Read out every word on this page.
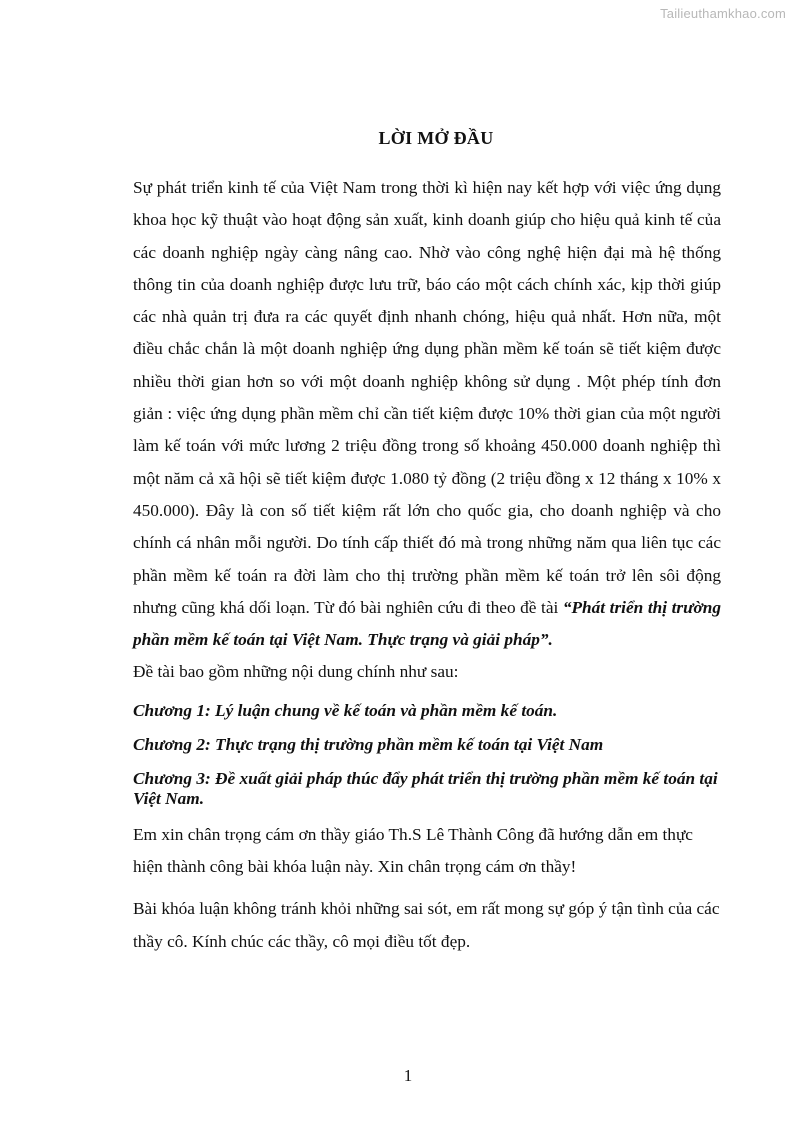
Tailieuthamkhao.com
LỜI MỞ ĐẦU

Sự phát triển kinh tế của Việt Nam trong thời kì hiện nay kết hợp với việc ứng dụng khoa học kỹ thuật vào hoạt động sản xuất, kinh doanh giúp cho hiệu quả kinh tế của các doanh nghiệp ngày càng nâng cao. Nhờ vào công nghệ hiện đại mà hệ thống thông tin của doanh nghiệp được lưu trữ, báo cáo một cách chính xác, kịp thời giúp các nhà quản trị đưa ra các quyết định nhanh chóng, hiệu quả nhất. Hơn nữa, một điều chắc chắn là một doanh nghiệp ứng dụng phần mềm kế toán sẽ tiết kiệm được nhiều thời gian hơn so với một doanh nghiệp không sử dụng . Một phép tính đơn giản : việc ứng dụng phần mềm chỉ cần tiết kiệm được 10% thời gian của một người làm kế toán với mức lương 2 triệu đồng trong số khoảng 450.000 doanh nghiệp thì một năm cả xã hội sẽ tiết kiệm được 1.080 tỷ đồng (2 triệu đồng x 12 tháng x 10% x 450.000). Đây là con số tiết kiệm rất lớn cho quốc gia, cho doanh nghiệp và cho chính cá nhân mỗi người. Do tính cấp thiết đó mà trong những năm qua liên tục các phần mềm kế toán ra đời làm cho thị trường phần mềm kế toán trở lên sôi động nhưng cũng khá dối loạn. Từ đó bài nghiên cứu đi theo đề tài “Phát triển thị trường phần mềm kế toán tại Việt Nam. Thực trạng và giải pháp”.
Đề tài bao gồm những nội dung chính như sau:

Chương 1: Lý luận chung về kế toán và phần mềm kế toán.
Chương 2: Thực trạng thị trường phần mềm kế toán tại Việt Nam
Chương 3: Đề xuất giải pháp thúc đẩy phát triển thị trường phần mềm kế toán tại Việt Nam.

Em xin chân trọng cám ơn thầy giáo Th.S Lê Thành Công đã hướng dẫn em thực hiện thành công bài khóa luận này. Xin chân trọng cám ơn thầy!

Bài khóa luận không tránh khỏi những sai sót, em rất mong sự góp ý tận tình của các thầy cô. Kính chúc các thầy, cô mọi điều tốt đẹp.

1
